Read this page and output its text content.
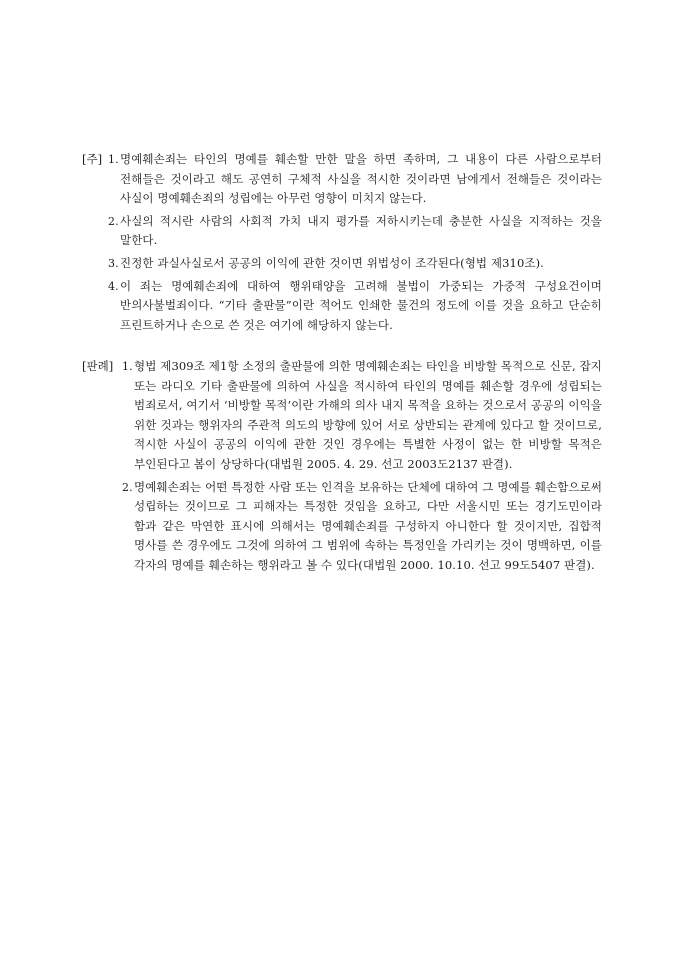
[주] 1. 명예훼손죄는 타인의 명예를 훼손할 만한 말을 하면 족하며, 그 내용이 다른 사람으로부터 전해들은 것이라고 해도 공연히 구체적 사실을 적시한 것이라면 남에게서 전해들은 것이라는 사실이 명예훼손죄의 성립에는 아무런 영향이 미치지 않는다.
2. 사실의 적시란 사람의 사회적 가치 내지 평가를 저하시키는데 충분한 사실을 지적하는 것을 말한다.
3. 진정한 과실사실로서 공공의 이익에 관한 것이면 위법성이 조각된다(형법 제310조).
4. 이 죄는 명예훼손죄에 대하여 행위태양을 고려해 불법이 가중되는 가중적 구성요건이며 반의사불벌죄이다. “기타 출판물”이란 적어도 인쇄한 물건의 정도에 이를 것을 요하고 단순히 프린트하거나 손으로 쓴 것은 여기에 해당하지 않는다.
[판례] 1. 형법 제309조 제1항 소정의 출판물에 의한 명예훼손죄는 타인을 비방할 목적으로 신문, 잡지 또는 라디오 기타 출판물에 의하여 사실을 적시하여 타인의 명예를 훼손할 경우에 성립되는 범죄로서, 여기서 ‘비방할 목적’이란 가해의 의사 내지 목적을 요하는 것으로서 공공의 이익을 위한 것과는 행위자의 주관적 의도의 방향에 있어 서로 상반되는 관계에 있다고 할 것이므로, 적시한 사실이 공공의 이익에 관한 것인 경우에는 특별한 사정이 없는 한 비방할 목적은 부인된다고 봄이 상당하다(대법원 2005. 4. 29. 선고 2003도2137 판결).
2. 명예훼손죄는 어떤 특정한 사람 또는 인격을 보유하는 단체에 대하여 그 명예를 훼손함으로써 성립하는 것이므로 그 피해자는 특정한 것임을 요하고, 다만 서울시민 또는 경기도민이라 함과 같은 막연한 표시에 의해서는 명예훼손죄를 구성하지 아니한다 할 것이지만, 집합적 명사를 쓴 경우에도 그것에 의하여 그 범위에 속하는 특정인을 가리키는 것이 명백하면, 이를 각자의 명예를 훼손하는 행위라고 볼 수 있다(대법원 2000. 10.10. 선고 99도5407 판결).
